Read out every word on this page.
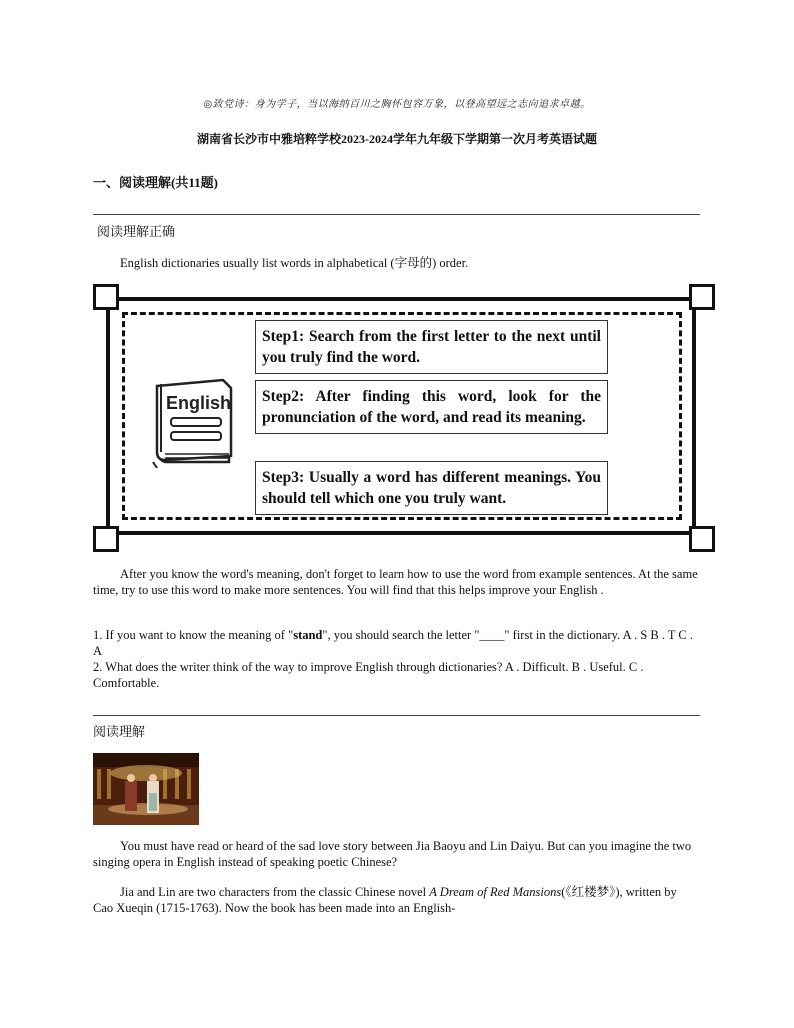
◎致党诗：身为学子，当以海纳百川之胸怀包容万象，以登高望远之志向追求卓越。
湖南省长沙市中雅培粹学校2023-2024学年九年级下学期第一次月考英语试题
一、阅读理解(共11题)
阅读理解正确
English dictionaries usually list words in alphabetical (字母的) order.
English
Step1: Search from the first letter to the next until you truly find the word.
Step2: After finding this word, look for the pronunciation of the word, and read its meaning.
Step3: Usually a word has different meanings. You should tell which one you truly want.
After you know the word's meaning, don't forget to learn how to use the word from example sentences. At the same time, try to use this word to make more sentences. You will find that this helps improve your English .
1. If you want to know the meaning of "stand", you should search the letter "____" first in the dictionary. A . S B . T C . A
2. What does the writer think of the way to improve English through dictionaries? A . Difficult. B . Useful. C . Comfortable.
阅读理解
You must have read or heard of the sad love story between Jia Baoyu and Lin Daiyu. But can you imagine the two singing opera in English instead of speaking poetic Chinese?
Jia and Lin are two characters from the classic Chinese novel A Dream of Red Mansions(《红楼梦》), written by Cao Xueqin (1715-1763). Now the book has been made into an English-
